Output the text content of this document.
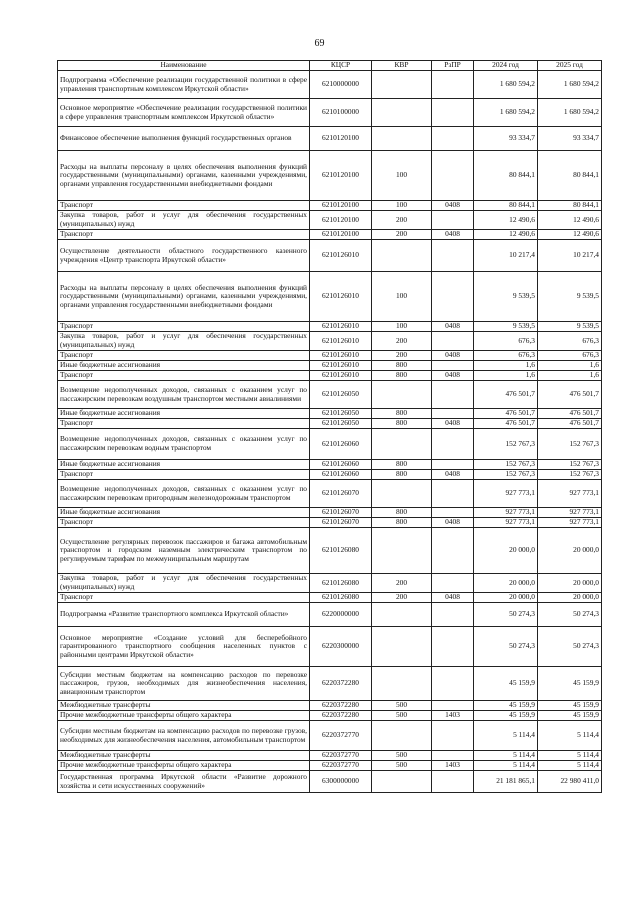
69
Наименование	КЦСР	КВР	РзПР	2024 год	2025 год
Подпрограмма «Обеспечение реализации государственной политики в сфере управления транспортным комплексом Иркутской области»	6210000000			1 680 594,2	1 680 594,2
Основное мероприятие «Обеспечение реализации государственной политики в сфере управления транспортным комплексом Иркутской области»	6210100000			1 680 594,2	1 680 594,2
Финансовое обеспечение выполнения функций государственных органов	6210120100			93 334,7	93 334,7
Расходы на выплаты персоналу в целях обеспечения выполнения функций государственными (муниципальными) органами, казенными учреждениями, органами управления государственными внебюджетными фондами	6210120100	100		80 844,1	80 844,1
Транспорт	6210120100	100	0408	80 844,1	80 844,1
Закупка товаров, работ и услуг для обеспечения государственных (муниципальных) нужд	6210120100	200		12 490,6	12 490,6
Транспорт	6210120100	200	0408	12 490,6	12 490,6
Осуществление деятельности областного государственного казенного учреждения «Центр транспорта Иркутской области»	6210126010			10 217,4	10 217,4
Расходы на выплаты персоналу в целях обеспечения выполнения функций государственными (муниципальными) органами, казенными учреждениями, органами управления государственными внебюджетными фондами	6210126010	100		9 539,5	9 539,5
Транспорт	6210126010	100	0408	9 539,5	9 539,5
Закупка товаров, работ и услуг для обеспечения государственных (муниципальных) нужд	6210126010	200		676,3	676,3
Транспорт	6210126010	200	0408	676,3	676,3
Иные бюджетные ассигнования	6210126010	800		1,6	1,6
Транспорт	6210126010	800	0408	1,6	1,6
Возмещение недополученных доходов, связанных с оказанием услуг по пассажирским перевозкам воздушным транспортом местными авиалиниями	6210126050			476 501,7	476 501,7
Иные бюджетные ассигнования	6210126050	800		476 501,7	476 501,7
Транспорт	6210126050	800	0408	476 501,7	476 501,7
Возмещение недополученных доходов, связанных с оказанием услуг по пассажирским перевозкам водным транспортом	6210126060			152 767,3	152 767,3
Иные бюджетные ассигнования	6210126060	800		152 767,3	152 767,3
Транспорт	6210126060	800	0408	152 767,3	152 767,3
Возмещение недополученных доходов, связанных с оказанием услуг по пассажирским перевозкам пригородным железнодорожным транспортом	6210126070			927 773,1	927 773,1
Иные бюджетные ассигнования	6210126070	800		927 773,1	927 773,1
Транспорт	6210126070	800	0408	927 773,1	927 773,1
Осуществление регулярных перевозок пассажиров и багажа автомобильным транспортом и городским наземным электрическим транспортом по регулируемым тарифам по межмуниципальным маршрутам	6210126080			20 000,0	20 000,0
Закупка товаров, работ и услуг для обеспечения государственных (муниципальных) нужд	6210126080	200		20 000,0	20 000,0
Транспорт	6210126080	200	0408	20 000,0	20 000,0
Подпрограмма «Развитие транспортного комплекса Иркутской области»	6220000000			50 274,3	50 274,3
Основное мероприятие «Создание условий для бесперебойного гарантированного транспортного сообщения населенных пунктов с районными центрами Иркутской области»	6220300000			50 274,3	50 274,3
Субсидии местным бюджетам на компенсацию расходов по перевозке пассажиров, грузов, необходимых для жизнеобеспечения населения, авиационным транспортом	6220372280			45 159,9	45 159,9
Межбюджетные трансферты	6220372280	500		45 159,9	45 159,9
Прочие межбюджетные трансферты общего характера	6220372280	500	1403	45 159,9	45 159,9
Субсидии местным бюджетам на компенсацию расходов по перевозке грузов, необходимых для жизнеобеспечения населения, автомобильным транспортом	6220372770			5 114,4	5 114,4
Межбюджетные трансферты	6220372770	500		5 114,4	5 114,4
Прочие межбюджетные трансферты общего характера	6220372770	500	1403	5 114,4	5 114,4
Государственная программа Иркутской области «Развитие дорожного хозяйства и сети искусственных сооружений»	6300000000			21 181 865,1	22 980 411,0
